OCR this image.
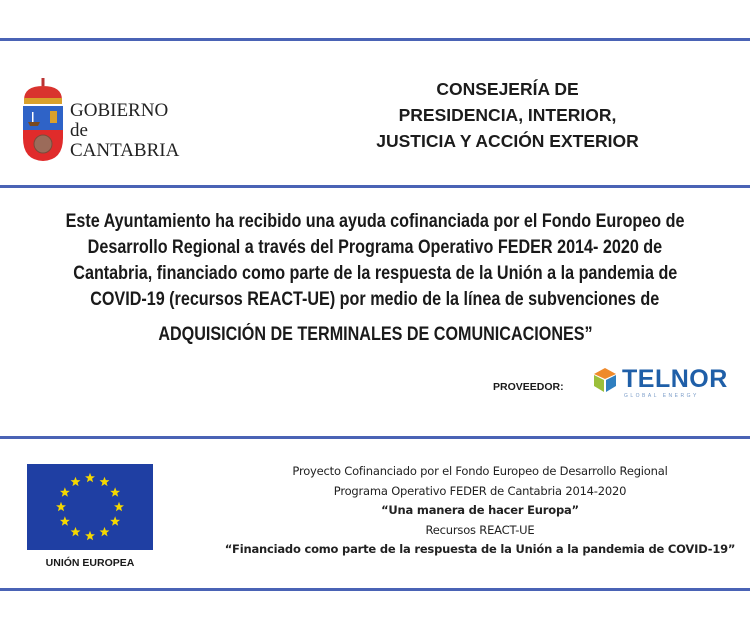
GOBIERNO
de
CANTABRIA
CONSEJERÍA DE
PRESIDENCIA, INTERIOR,
JUSTICIA Y ACCIÓN EXTERIOR
Este Ayuntamiento ha recibido una ayuda cofinanciada por el Fondo Europeo de
Desarrollo Regional a través del Programa Operativo FEDER 2014- 2020 de
Cantabria, financiado como parte de la respuesta de la Unión a la pandemia de
COVID-19 (recursos REACT-UE) por medio de la línea de subvenciones de
ADQUISICIÓN DE TERMINALES DE COMUNICACIONES”
PROVEEDOR: TELNOR
GLOBAL ENERGY
UNIÓN EUROPEA
Proyecto Cofinanciado por el Fondo Europeo de Desarrollo Regional
Programa Operativo FEDER de Cantabria 2014-2020
“Una manera de hacer Europa”
Recursos REACT-UE
“Financiado como parte de la respuesta de la Unión a la pandemia de COVID-19”
